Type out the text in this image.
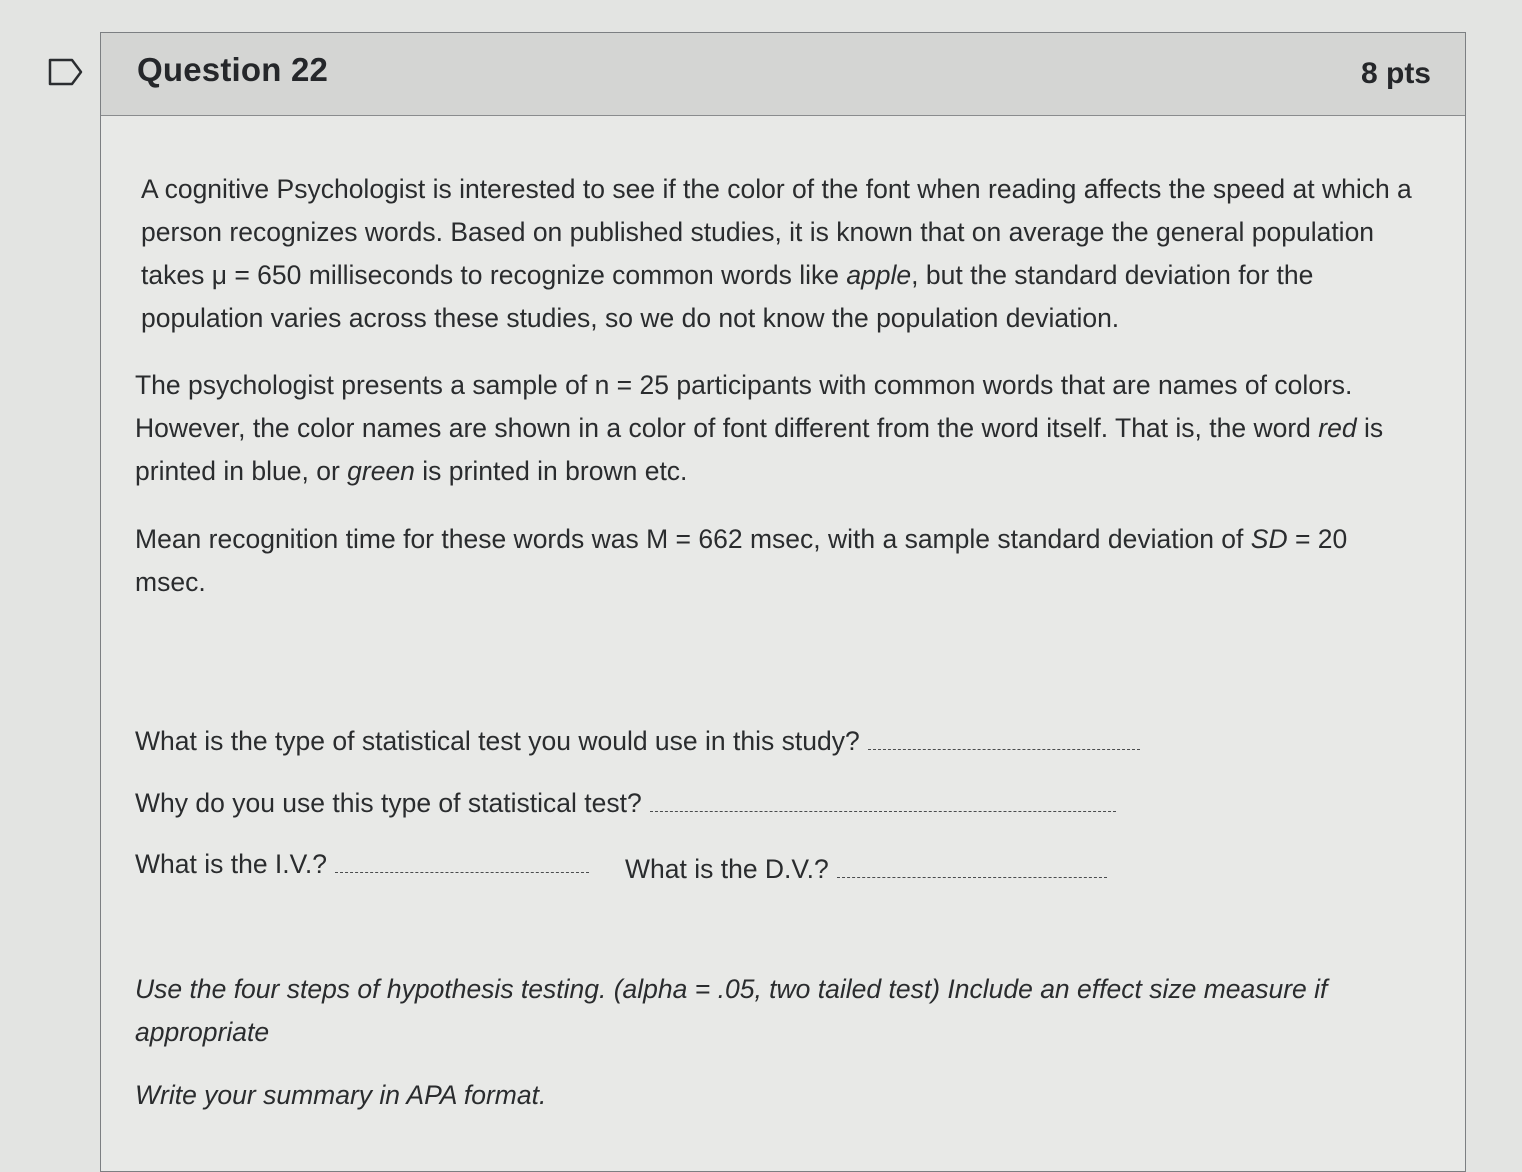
Question 22	8 pts

A cognitive Psychologist is interested to see if the color of the font when reading affects the speed at which a person recognizes words. Based on published studies, it is known that on average the general population takes μ = 650 milliseconds to recognize common words like apple, but the standard deviation for the population varies across these studies, so we do not know the population deviation.

The psychologist presents a sample of n = 25 participants with common words that are names of colors. However, the color names are shown in a color of font different from the word itself. That is, the word red is printed in blue, or green is printed in brown etc.

Mean recognition time for these words was M = 662 msec, with a sample standard deviation of SD = 20 msec.

What is the type of statistical test you would use in this study?
Why do you use this type of statistical test?
What is the I.V.?	What is the D.V.?

Use the four steps of hypothesis testing. (alpha = .05, two tailed test) Include an effect size measure if appropriate

Write your summary in APA format.
